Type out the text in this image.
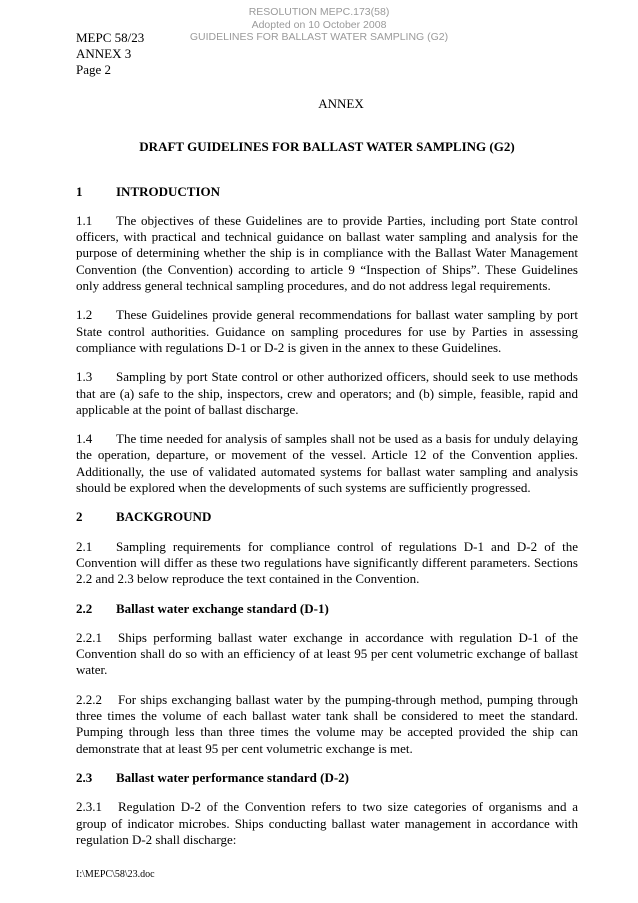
RESOLUTION MEPC.173(58)
Adopted on 10 October 2008
GUIDELINES FOR BALLAST WATER SAMPLING (G2)
MEPC 58/23
ANNEX 3
Page 2
ANNEX
DRAFT GUIDELINES FOR BALLAST WATER SAMPLING (G2)
1	INTRODUCTION

1.1 The objectives of these Guidelines are to provide Parties, including port State control officers, with practical and technical guidance on ballast water sampling and analysis for the purpose of determining whether the ship is in compliance with the Ballast Water Management Convention (the Convention) according to article 9 “Inspection of Ships”. These Guidelines only address general technical sampling procedures, and do not address legal requirements.

1.2 These Guidelines provide general recommendations for ballast water sampling by port State control authorities. Guidance on sampling procedures for use by Parties in assessing compliance with regulations D-1 or D-2 is given in the annex to these Guidelines.

1.3 Sampling by port State control or other authorized officers, should seek to use methods that are (a) safe to the ship, inspectors, crew and operators; and (b) simple, feasible, rapid and applicable at the point of ballast discharge.

1.4 The time needed for analysis of samples shall not be used as a basis for unduly delaying the operation, departure, or movement of the vessel. Article 12 of the Convention applies. Additionally, the use of validated automated systems for ballast water sampling and analysis should be explored when the developments of such systems are sufficiently progressed.

2	BACKGROUND

2.1 Sampling requirements for compliance control of regulations D-1 and D-2 of the Convention will differ as these two regulations have significantly different parameters. Sections 2.2 and 2.3 below reproduce the text contained in the Convention.

2.2 Ballast water exchange standard (D-1)

2.2.1 Ships performing ballast water exchange in accordance with regulation D-1 of the Convention shall do so with an efficiency of at least 95 per cent volumetric exchange of ballast water.

2.2.2 For ships exchanging ballast water by the pumping-through method, pumping through three times the volume of each ballast water tank shall be considered to meet the standard. Pumping through less than three times the volume may be accepted provided the ship can demonstrate that at least 95 per cent volumetric exchange is met.

2.3 Ballast water performance standard (D-2)

2.3.1 Regulation D-2 of the Convention refers to two size categories of organisms and a group of indicator microbes. Ships conducting ballast water management in accordance with regulation D-2 shall discharge:

I:\MEPC\58\23.doc
